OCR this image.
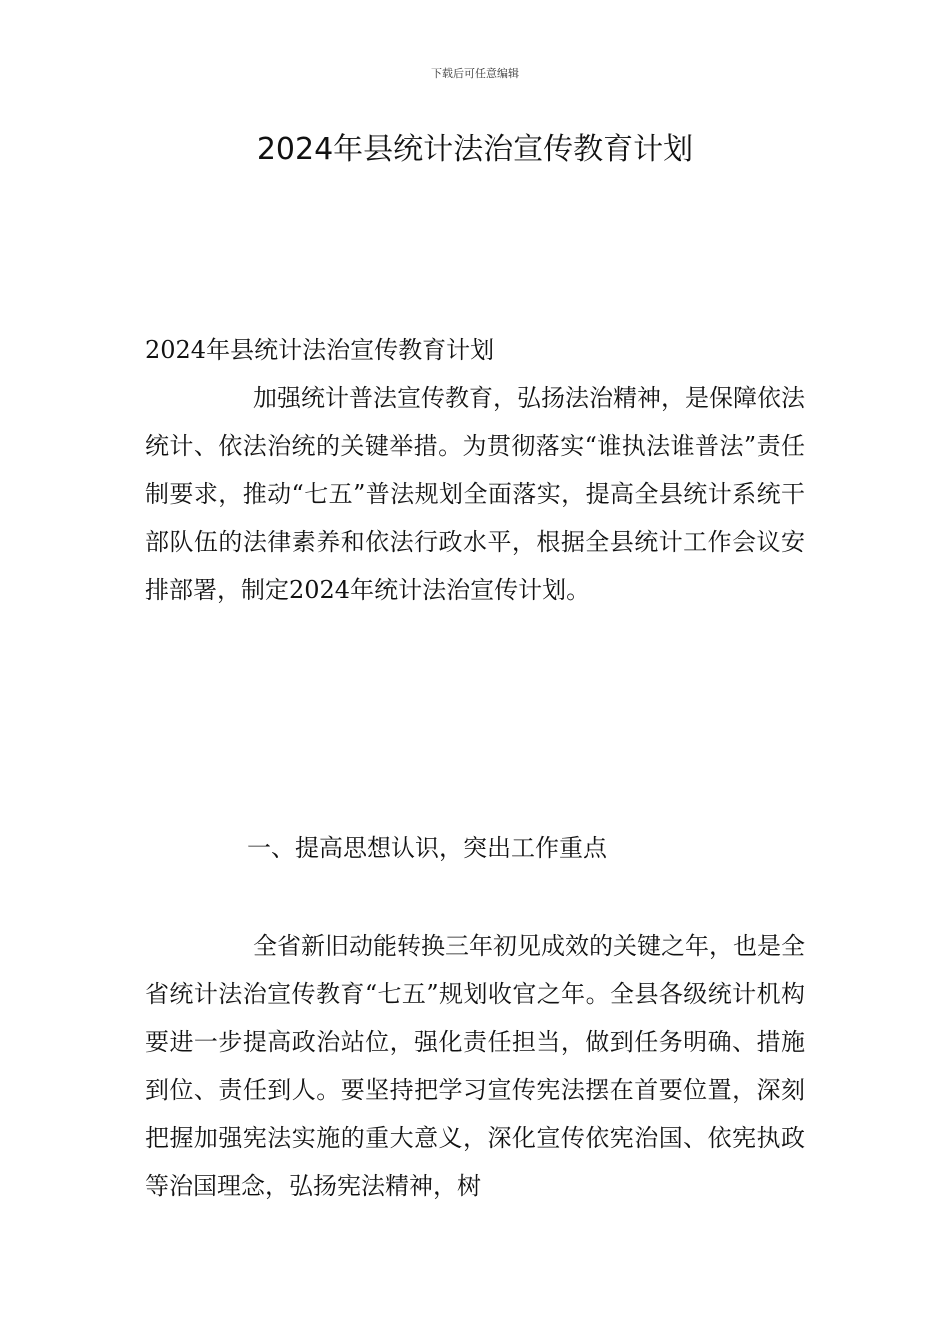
下载后可任意编辑
2024年县统计法治宣传教育计划
2024年县统计法治宣传教育计划
加强统计普法宣传教育，弘扬法治精神，是保障依法统计、依法治统的关键举措。为贯彻落实“谁执法谁普法”责任制要求，推动“七五”普法规划全面落实，提高全县统计系统干部队伍的法律素养和依法行政水平，根据全县统计工作会议安排部署，制定2024年统计法治宣传计划。
一、提高思想认识，突出工作重点
全省新旧动能转换三年初见成效的关键之年，也是全省统计法治宣传教育“七五”规划收官之年。全县各级统计机构要进一步提高政治站位，强化责任担当，做到任务明确、措施到位、责任到人。要坚持把学习宣传宪法摆在首要位置，深刻把握加强宪法实施的重大意义，深化宣传依宪治国、依宪执政等治国理念，弘扬宪法精神，树
